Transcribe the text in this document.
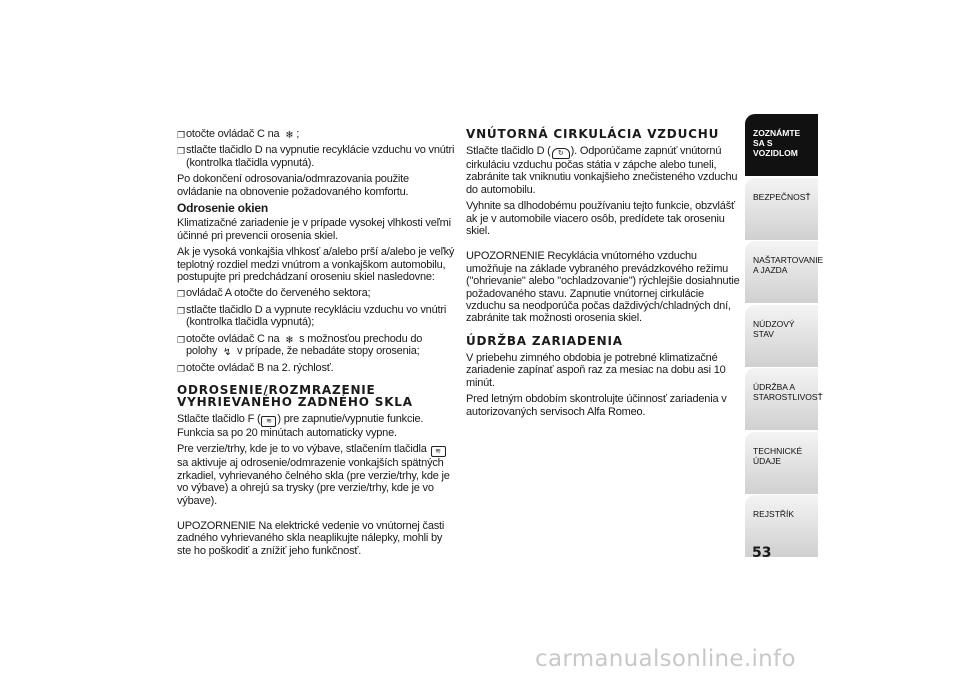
❒ otočte ovládač C na ❄ ;
❒ stlačte tlačidlo D na vypnutie recyklácie vzduchu vo vnútri (kontrolka tlačidla vypnutá).

Po dokončení odrosovania/odmrazovania použite ovládanie na obnovenie požadovaného komfortu.

Odrosenie okien

Klimatizačné zariadenie je v prípade vysokej vlhkosti veľmi účinné pri prevencii orosenia skiel.

Ak je vysoká vonkajšia vlhkosť a/alebo prší a/alebo je veľký teplotný rozdiel medzi vnútrom a vonkajškom automobilu, postupujte pri predchádzaní oroseniu skiel nasledovne:

❒ ovládač A otočte do červeného sektora;
❒ stlačte tlačidlo D a vypnute recykláciu vzduchu vo vnútri (kontrolka tlačidla vypnutá);
❒ otočte ovládač C na ❄ s možnosťou prechodu do polohy ↯ v prípade, že nebadáte stopy orosenia;
❒ otočte ovládač B na 2. rýchlosť.
ODROSENIE/ROZMRAZENIE VYHRIEVANÉHO ZADNÉHO SKLA

Stlačte tlačidlo F ( ≋ ) pre zapnutie/vypnutie funkcie. Funkcia sa po 20 minútach automaticky vypne.

Pre verzie/trhy, kde je to vo výbave, stlačením tlačidla ≋ sa aktivuje aj odrosenie/odmrazenie vonkajších spätných zrkadiel, vyhrievaného čelného skla (pre verzie/trhy, kde je vo výbave) a ohrejú sa trysky (pre verzie/trhy, kde je vo výbave).

UPOZORNENIE Na elektrické vedenie vo vnútornej časti zadného vyhrievaného skla neaplikujte nálepky, mohli by ste ho poškodiť a znížiť jeho funkčnosť.

VNÚTORNÁ CIRKULÁCIA VZDUCHU

Stlačte tlačidlo D ( ↻ ). Odporúčame zapnúť vnútornú cirkuláciu vzduchu počas státia v zápche alebo tuneli, zabránite tak vniknutiu vonkajšieho znečisteného vzduchu do automobilu.

Vyhnite sa dlhodobému používaniu tejto funkcie, obzvlášť ak je v automobile viacero osôb, predídete tak oroseniu skiel.

UPOZORNENIE Recyklácia vnútorného vzduchu umožňuje na základe vybraného prevádzkového režimu ("ohrievanie" alebo "ochladzovanie") rýchlejšie dosiahnutie požadovaného stavu. Zapnutie vnútornej cirkulácie vzduchu sa neodporúča počas daždivých/chladných dní, zabránite tak možnosti orosenia skiel.

ÚDRŽBA ZARIADENIA

V priebehu zimného obdobia je potrebné klimatizačné zariadenie zapínať aspoň raz za mesiac na dobu asi 10 minút.

Pred letným obdobím skontrolujte účinnosť zariadenia v autorizovaných servisoch Alfa Romeo.

ZOZNÁMTE SA S VOZIDLOM
BEZPEČNOSŤ
NAŠTARTOVANIE A JAZDA
NÚDZOVÝ STAV
ÚDRŽBA A STAROSTLIVOSŤ
TECHNICKÉ ÚDAJE
REJSTŘÍK
53
carmanualsonline.info
